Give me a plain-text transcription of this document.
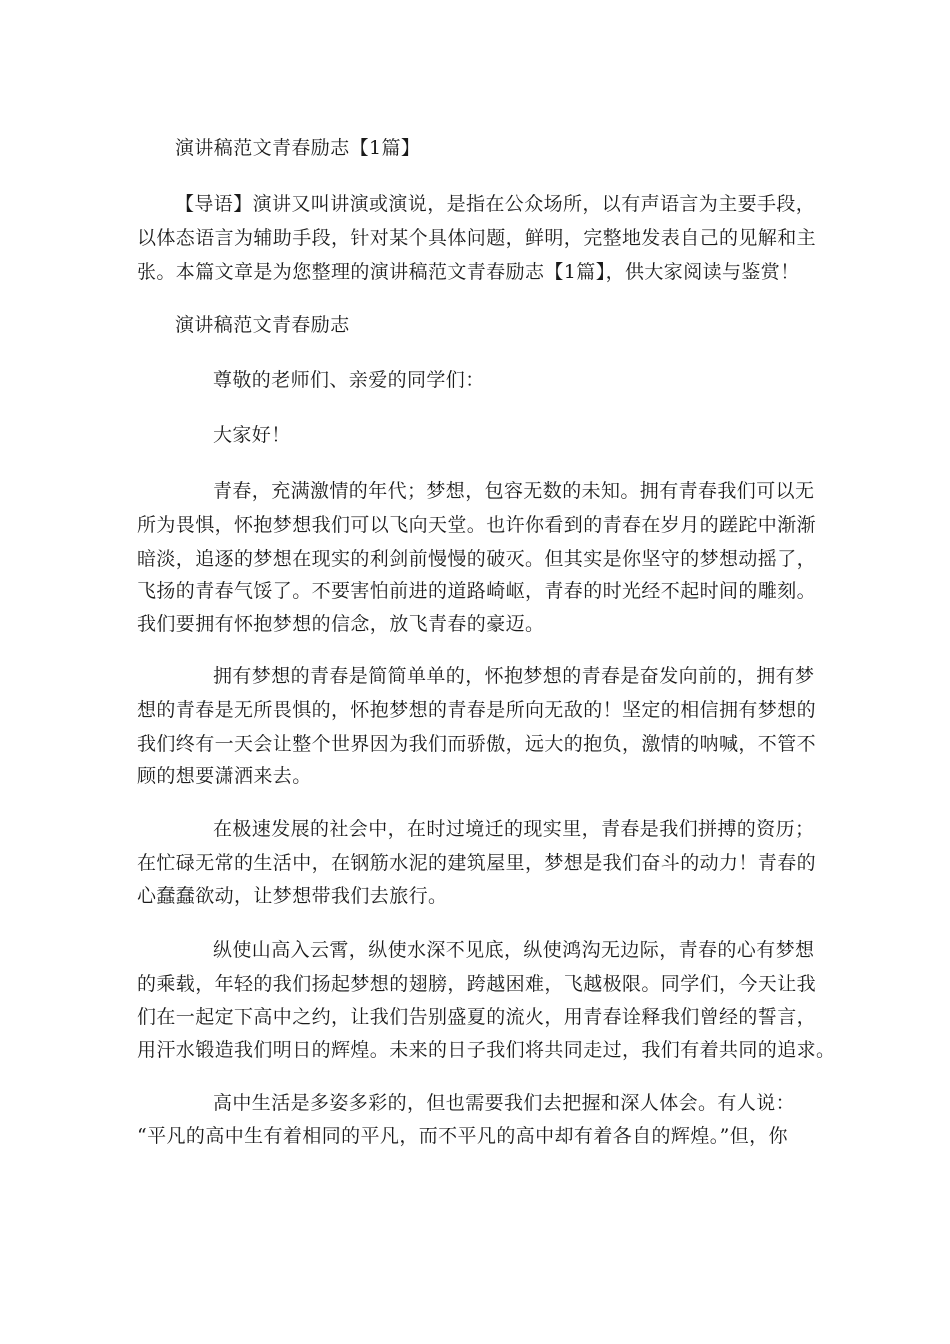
演讲稿范文青春励志【1篇】
【导语】演讲又叫讲演或演说，是指在公众场所，以有声语言为主要手段，
以体态语言为辅助手段，针对某个具体问题，鲜明，完整地发表自己的见解和主
张。本篇文章是为您整理的演讲稿范文青春励志【1篇】，供大家阅读与鉴赏！
演讲稿范文青春励志
尊敬的老师们、亲爱的同学们：
大家好！
青春，充满激情的年代；梦想，包容无数的未知。拥有青春我们可以无
所为畏惧，怀抱梦想我们可以飞向天堂。也许你看到的青春在岁月的蹉跎中渐渐
暗淡，追逐的梦想在现实的利剑前慢慢的破灭。但其实是你坚守的梦想动摇了，
飞扬的青春气馁了。不要害怕前进的道路崎岖，青春的时光经不起时间的雕刻。
我们要拥有怀抱梦想的信念，放飞青春的豪迈。
拥有梦想的青春是简简单单的，怀抱梦想的青春是奋发向前的，拥有梦
想的青春是无所畏惧的，怀抱梦想的青春是所向无敌的！坚定的相信拥有梦想的
我们终有一天会让整个世界因为我们而骄傲，远大的抱负，激情的呐喊，不管不
顾的想要潇洒来去。
在极速发展的社会中，在时过境迁的现实里，青春是我们拼搏的资历；
在忙碌无常的生活中，在钢筋水泥的建筑屋里，梦想是我们奋斗的动力！青春的
心蠢蠢欲动，让梦想带我们去旅行。
纵使山高入云霄，纵使水深不见底，纵使鸿沟无边际，青春的心有梦想
的乘载，年轻的我们扬起梦想的翅膀，跨越困难，飞越极限。同学们，今天让我
们在一起定下高中之约，让我们告别盛夏的流火，用青春诠释我们曾经的誓言，
用汗水锻造我们明日的辉煌。未来的日子我们将共同走过，我们有着共同的追求。
高中生活是多姿多彩的，但也需要我们去把握和深人体会。有人说：
“平凡的高中生有着相同的平凡，而不平凡的高中却有着各自的辉煌。”但，你
